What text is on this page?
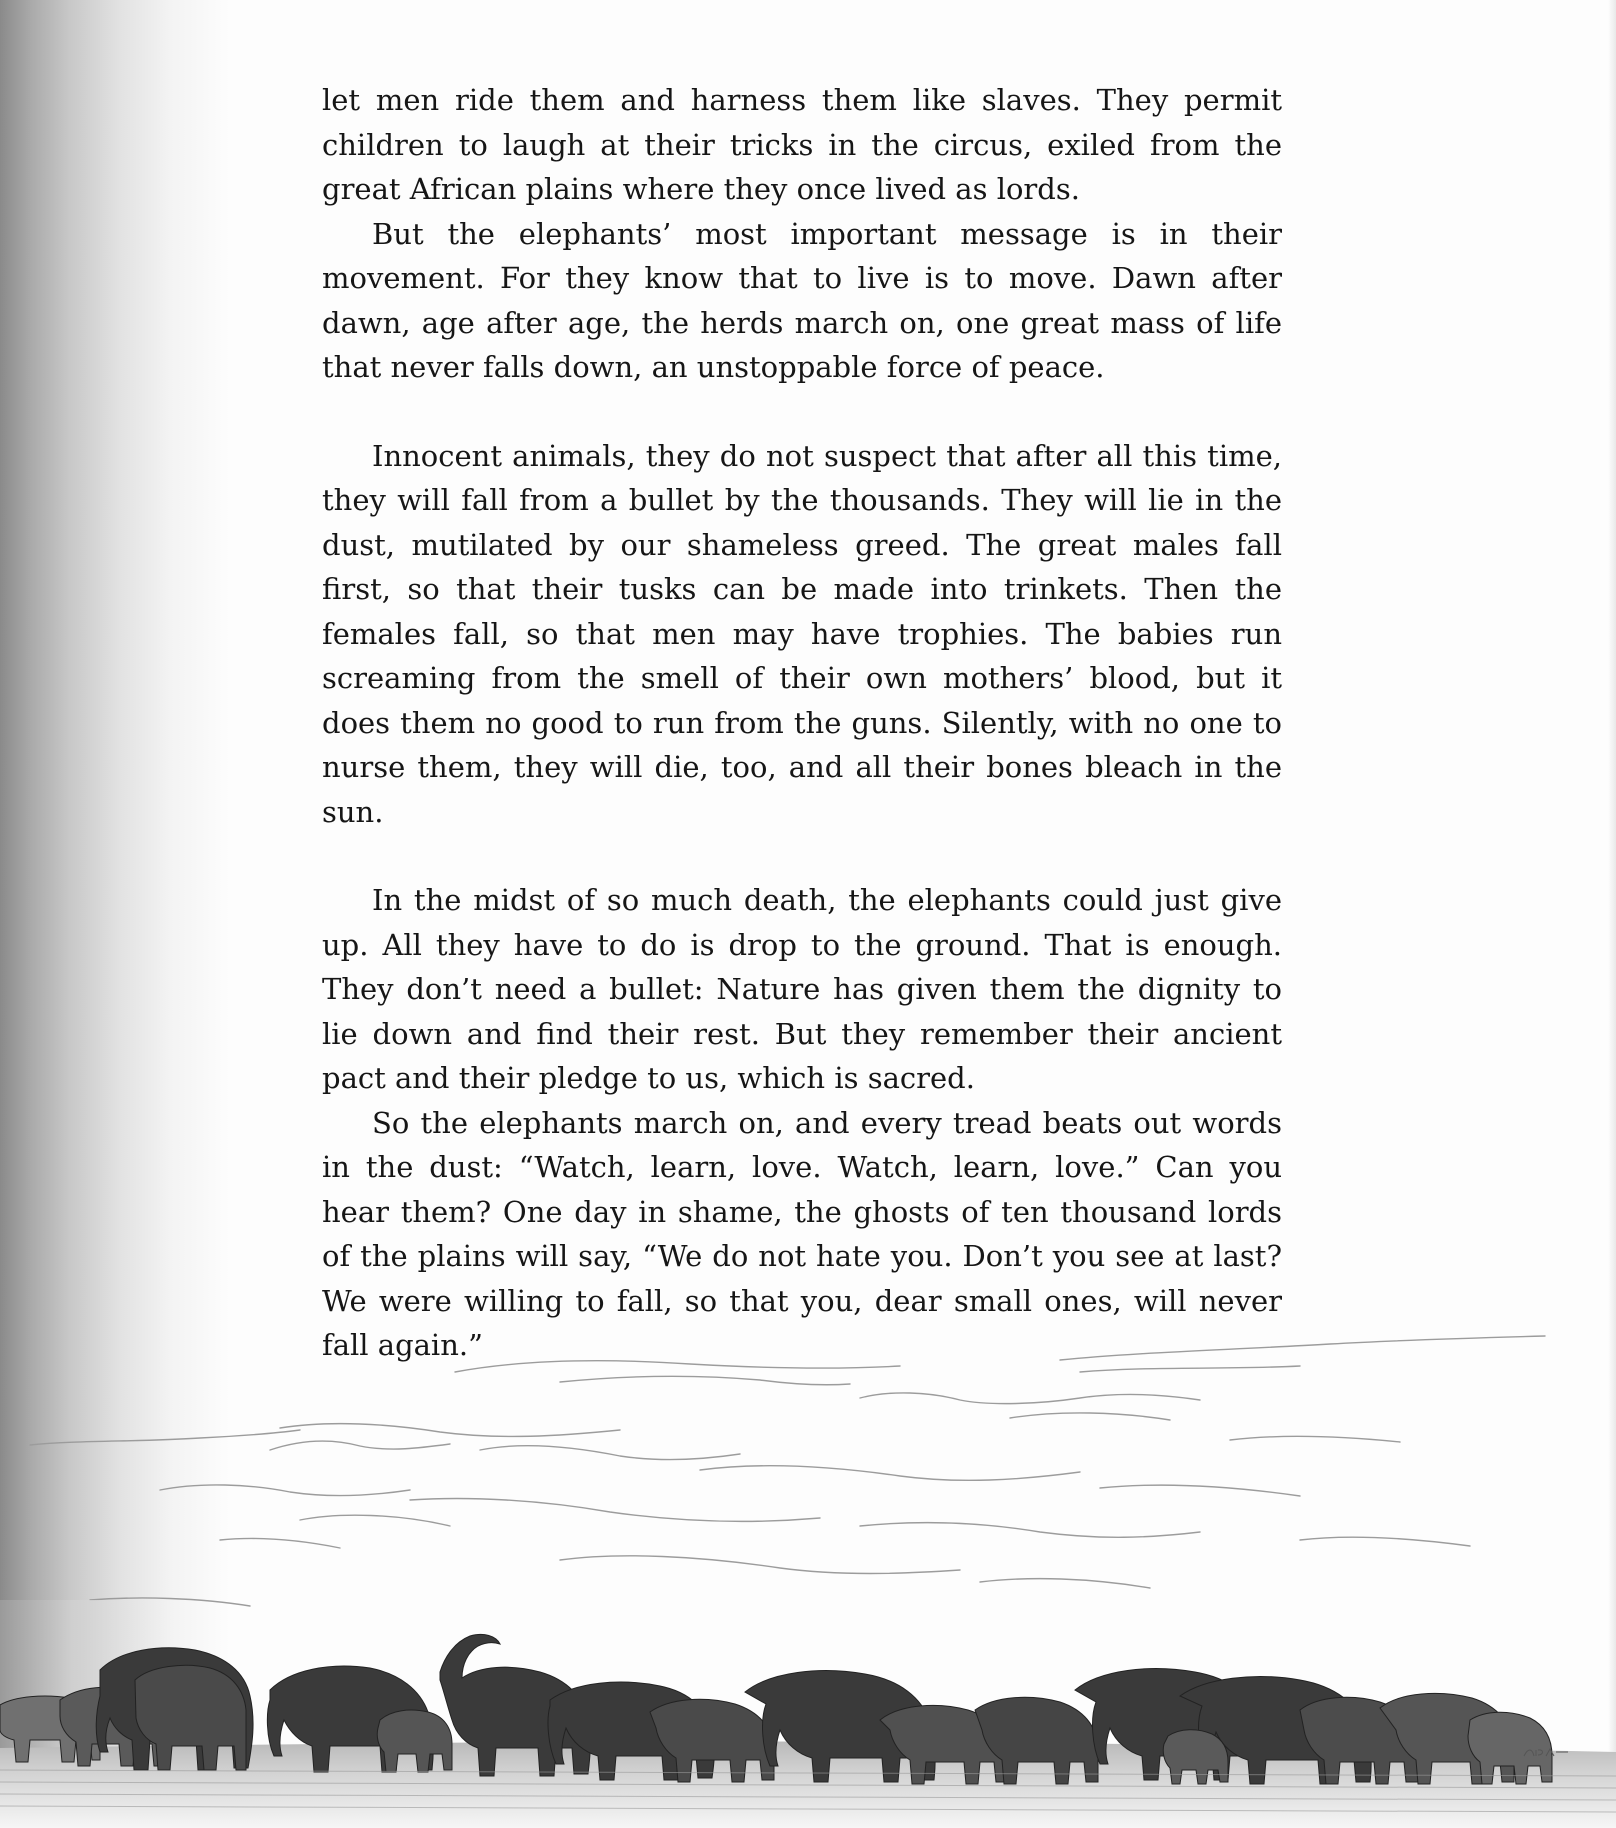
let men ride them and harness them like slaves. They permit children to laugh at their tricks in the circus, exiled from the great African plains where they once lived as lords.

But the elephants’ most important message is in their movement. For they know that to live is to move. Dawn after dawn, age after age, the herds march on, one great mass of life that never falls down, an unstoppable force of peace.

Innocent animals, they do not suspect that after all this time, they will fall from a bullet by the thousands. They will lie in the dust, mutilated by our shameless greed. The great males fall first, so that their tusks can be made into trinkets. Then the females fall, so that men may have trophies. The babies run screaming from the smell of their own mothers’ blood, but it does them no good to run from the guns. Silently, with no one to nurse them, they will die, too, and all their bones bleach in the sun.

In the midst of so much death, the elephants could just give up. All they have to do is drop to the ground. That is enough. They don’t need a bullet: Nature has given them the dignity to lie down and find their rest. But they remember their ancient pact and their pledge to us, which is sacred.

So the elephants march on, and every tread beats out words in the dust: “Watch, learn, love. Watch, learn, love.” Can you hear them? One day in shame, the ghosts of ten thousand lords of the plains will say, “We do not hate you. Don’t you see at last? We were willing to fall, so that you, dear small ones, will never fall again.”
